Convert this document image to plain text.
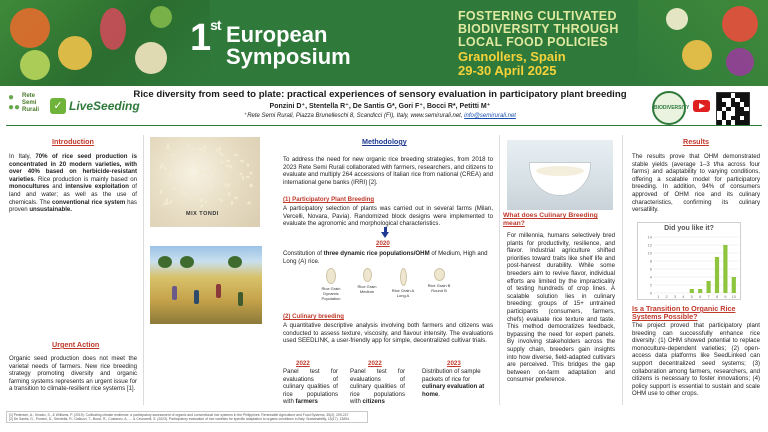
1st European
Symposium
FOSTERING CULTIVATED
BIODIVERSITY THROUGH
LOCAL FOOD POLICIES
Granollers, Spain
29-30 April 2025
●
●●
Rete
Semi
Rurali	✓ LiveSeeding
Rice diversity from seed to plate: practical experiences of sensory evaluation in participatory plant breeding
Ponzini D⁺, Stentella R⁺, De Santis G*, Gori F⁺, Bocci R*, Petitti M⁺
⁺Rete Semi Rurali, Piazza Brunelleschi 8, Scandicci (FI), Italy, www.semirurali.net, info@semirurali.net
BIODIVERSITY
Introduction
In Italy, 70% of rice seed production is concentrated in 20 modern varieties, with over 40% based on herbicide-resistant varieties. Rice production is mainly based on monocultures and intensive exploitation of land and water; as well as the use of chemicals. The conventional rice system has proven unsustainable.
Urgent Action
Organic seed production does not meet the varietal needs of farmers. New rice breeding strategy promoting diversity and organic farming systems represents an urgent issue for a transition to climate-resilient rice systems [1].
MIX TONDI
Methodology
To address the need for new organic rice breeding strategies, from 2018 to 2023 Rete Semi Rurali collaborated with farmers, researchers, and citizens to evaluate and multiply 264 accessions of Italian rice from national (CREA) and international gene banks (IRRI) [2].
(1) Participatory Plant Breeding
A participatory selection of plants was carried out in several farms (Milan, Vercelli, Novara, Pavia). Randomized block designs were implemented to evaluate the agronomic and morphological characteristics.
2020
Constitution of three dynamic rice populations/OHM of Medium, High and Long (A) rice.
Rice Grain
Dynamic Population
Rice Grain
Medium	Rice Grain A
Long A
Rice Grain B
Round B
(2) Culinary breeding
A quantitative descriptive analysis involving both farmers and citizens was conducted to assess texture, viscosity, and flavour intensity. The evaluations used SEEDLINK, a user-friendly app for simple, decentralized cultivar trials.
2022
Panel test for evaluations of culinary qualities of rice populations with farmers
2022
Panel test for evaluations of culinary qualities of rice populations with citizens
2023
Distribution of sample packets of rice for culinary evaluation at home.
What does Culinary Breeding mean?
For millennia, humans selectively bred plants for productivity, resilience, and flavor. Industrial agriculture shifted priorities toward traits like shelf life and post-harvest durability. While some breeders aim to revive flavor, individual efforts are limited by the impracticality of testing hundreds of crop lines. A scalable solution lies in culinary breeding: groups of 15+ untrained participants (consumers, farmers, chefs) evaluate rice texture and taste. This method democratizes feedback, bypassing the need for expert panels. By involving stakeholders across the supply chain, breeders gain insights into how diverse, field-adapted cultivars are perceived. This bridges the gap between on-farm adaptation and consumer preference.
Results
The results prove that OHM demonstrated stable yields (average 1–3 t/ha across four farms) and adaptability to varying conditions, offering a scalable model for participatory breeding. In addition, 94% of consumers approved of OHM rice and its culinary characteristics, confirming its culinary versatility.
Did you like it?
0
2
4
6
8
10
12
14
1 2 3 4 5 6 7 8 9 10
Is a Transition to Organic Rice Systems Possible?
The project proved that participatory plant breeding can successfully enhance rice diversity: (1) OHM showed potential to replace monoculture-dependent varieties; (2) open-access data platforms like SeedLinked can support decentralized seed systems; (3) collaboration among farmers, researchers, and citizens is necessary to foster innovations; (4) policy support is essential to sustain and scale OHM use to other crops.
[1] Pedersen, A., Kinabo, S., & Williams, P. (2019). Cultivating climate resilience: a participatory assessment of organic and conventional rice systems in the Philippines. Renewable Agriculture and Food Systems, 35(2), 209-227.
[2] De Santis, G., Ponzini, D., Stentella, R., Galluzzi, T., Bocci, R., Costanzo, A., ... & Ceccarelli, S. (2023). Participatory evaluation of rice varieties for specific adaptation to organic conditions in Italy. Sustainability, 15(17), 13694.
